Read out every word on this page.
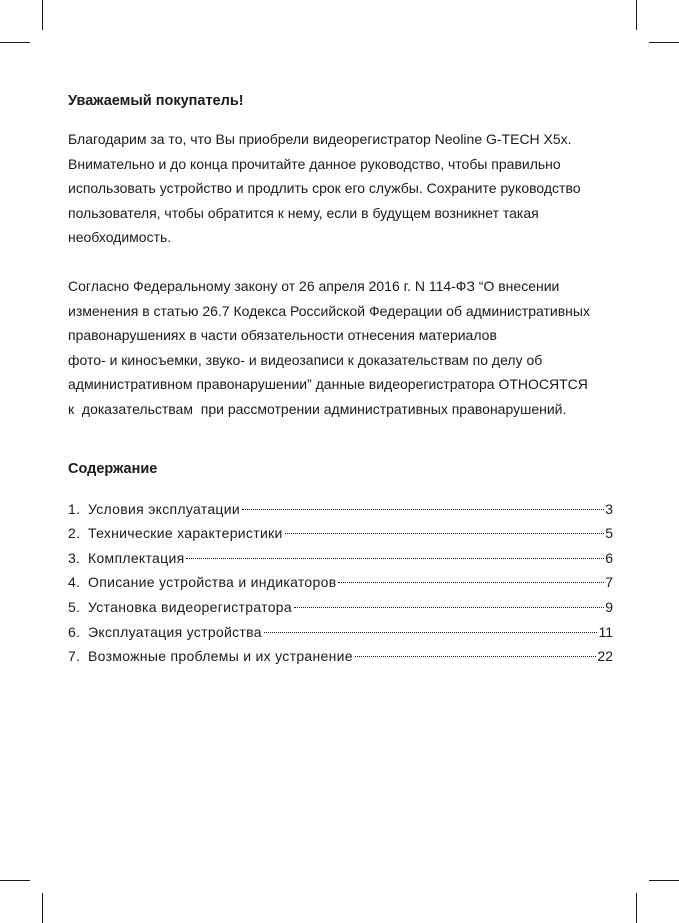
Уважаемый покупатель!

Благодарим за то, что Вы приобрели видеорегистратор Neoline G-TECH X5x.
Внимательно и до конца прочитайте данное руководство, чтобы правильно
использовать устройство и продлить срок его службы. Сохраните руководство
пользователя, чтобы обратится к нему, если в будущем возникнет такая
необходимость.

Согласно Федеральному закону от 26 апреля 2016 г. N 114-ФЗ “О внесении
изменения в статью 26.7 Кодекса Российской Федерации об административных
правонарушениях в части обязательности отнесения материалов
фото- и киносъемки, звуко- и видеозаписи к доказательствам по делу об
административном правонарушении” данные видеорегистратора ОТНОСЯТСЯ
к  доказательствам  при рассмотрении административных правонарушений.

Содержание
1. Условия эксплуатации	3
2. Технические характеристики	5
3. Комплектация	6
4. Описание устройства и индикаторов	7
5. Установка видеорегистратора	9
6. Эксплуатация устройства	11
7. Возможные проблемы и их устранение	22
